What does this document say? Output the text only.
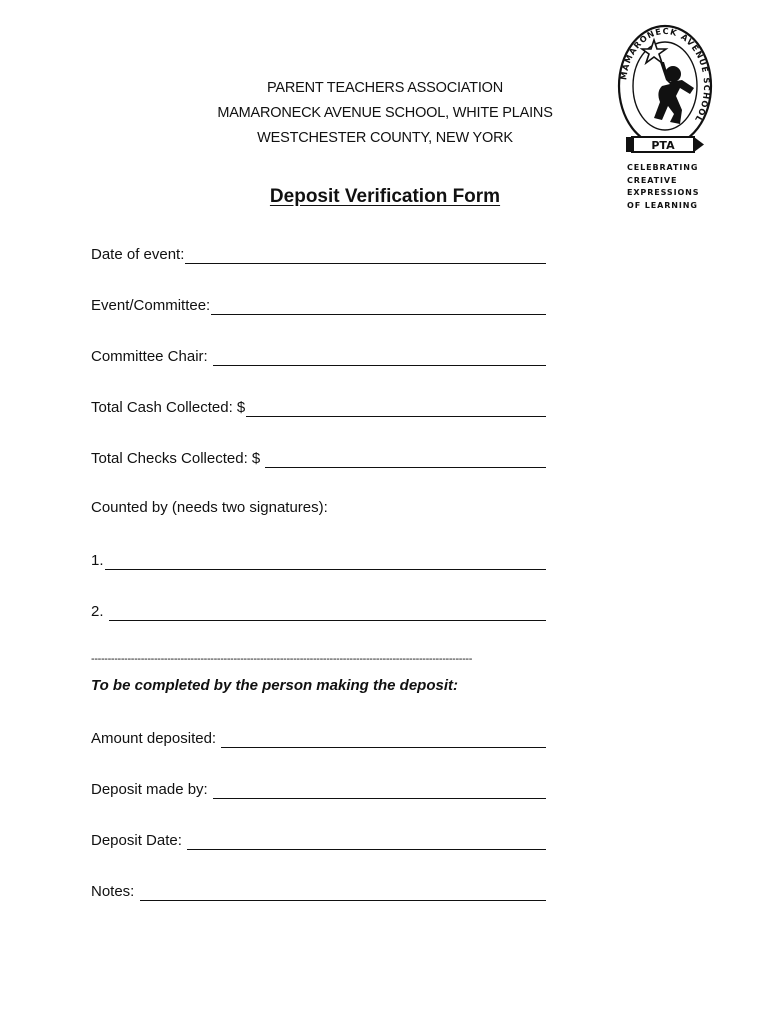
PARENT TEACHERS ASSOCIATION
MAMARONECK AVENUE SCHOOL, WHITE PLAINS
WESTCHESTER COUNTY, NEW YORK
Deposit Verification Form
MAMARONECK AVENUE SCHOOL
PTA
CELEBRATING
CREATIVE
EXPRESSIONS
OF LEARNING
Date of event:
Event/Committee:
Committee Chair:
Total Cash Collected: $
Total Checks Collected: $
Counted by (needs two signatures):
1.
2.
-------------------------------------------------------------------------------------------------------------------
To be completed by the person making the deposit:
Amount deposited:
Deposit made by:
Deposit Date:
Notes:
